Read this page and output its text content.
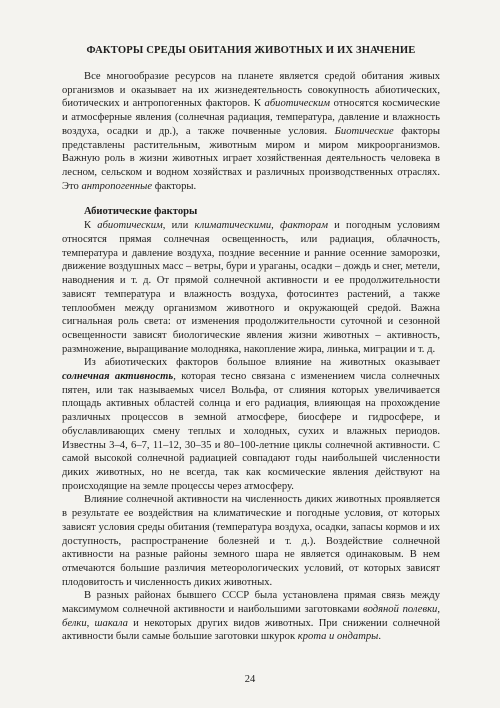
ФАКТОРЫ СРЕДЫ ОБИТАНИЯ ЖИВОТНЫХ И ИХ ЗНАЧЕНИЕ

Все многообразие ресурсов на планете является средой обитания живых организмов и оказывает на их жизнедеятельность совокупность абиотических, биотических и антропогенных факторов. К абиотическим относятся космические и атмосферные явления (солнечная радиация, температура, давление и влажность воздуха, осадки и др.), а также почвенные условия. Биотические факторы представлены растительным, животным миром и миром микроорганизмов. Важную роль в жизни животных играет хозяйственная деятельность человека в лесном, сельском и водном хозяйствах и различных производственных отраслях. Это антропогенные факторы.

Абиотические факторы

К абиотическим, или климатическими, факторам и погодным условиям относятся прямая солнечная освещенность, или радиация, облачность, температура и давление воздуха, поздние весенние и ранние осенние заморозки, движение воздушных масс – ветры, бури и ураганы, осадки – дождь и снег, метели, наводнения и т. д. От прямой солнечной активности и ее продолжительности зависят температура и влажность воздуха, фотосинтез растений, а также теплообмен между организмом животного и окружающей средой. Важна сигнальная роль света: от изменения продолжительности суточной и сезонной освещенности зависят биологические явления жизни животных – активность, размножение, выращивание молодняка, накопление жира, линька, миграции и т. д.

Из абиотических факторов большое влияние на животных оказывает солнечная активность, которая тесно связана с изменением числа солнечных пятен, или так называемых чисел Вольфа, от слияния которых увеличивается площадь активных областей солнца и его радиация, влияющая на прохождение различных процессов в земной атмосфере, биосфере и гидросфере, и обуславливающих смену теплых и холодных, сухих и влажных периодов. Известны 3–4, 6–7, 11–12, 30–35 и 80–100-летние циклы солнечной активности. С самой высокой солнечной радиацией совпадают годы наибольшей численности диких животных, но не всегда, так как космические явления действуют на происходящие на земле процессы через атмосферу.

Влияние солнечной активности на численность диких животных проявляется в результате ее воздействия на климатические и погодные условия, от которых зависят условия среды обитания (температура воздуха, осадки, запасы кормов и их доступность, распространение болезней и т. д.). Воздействие солнечной активности на разные районы земного шара не является одинаковым. В нем отмечаются большие различия метеорологических условий, от которых зависят плодовитость и численность диких животных.

В разных районах бывшего СССР была установлена прямая связь между максимумом солнечной активности и наибольшими заготовками водяной полевки, белки, шакала и некоторых других видов животных. При снижении солнечной активности были самые большие заготовки шкурок крота и ондатры.

24
